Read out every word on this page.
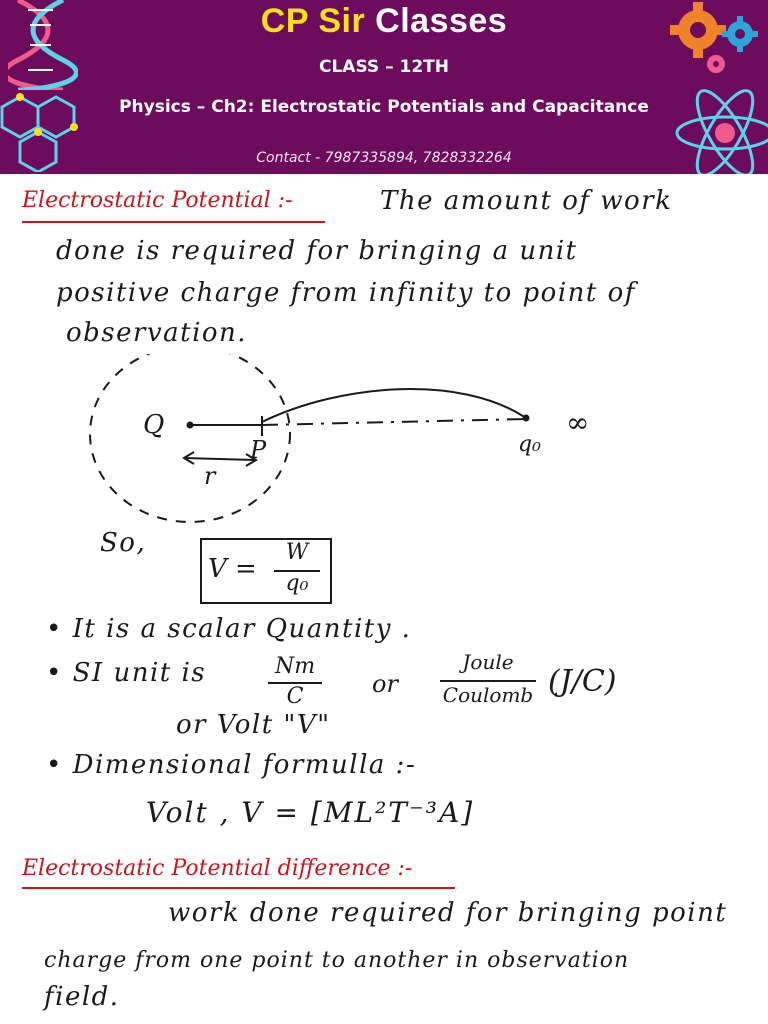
CP Sir Classes
CLASS – 12TH
Physics – Ch2: Electrostatic Potentials and Capacitance
Contact - 7987335894, 7828332264
Electrostatic Potential :-	The amount of work
done is required for bringing a unit
positive charge from infinity to point of
observation.
Q
P
r
q₀
∞
So,
V =
W
q₀
• It is a scalar Quantity .
• SI unit is	Nm
C	or
Joule
Coulomb (J/C)
or Volt "V"
• Dimensional formulla :-
Volt , V = [ML²T⁻³A]
Electrostatic Potential difference :-
work done required for bringing point
charge from one point to another in observation
field.
